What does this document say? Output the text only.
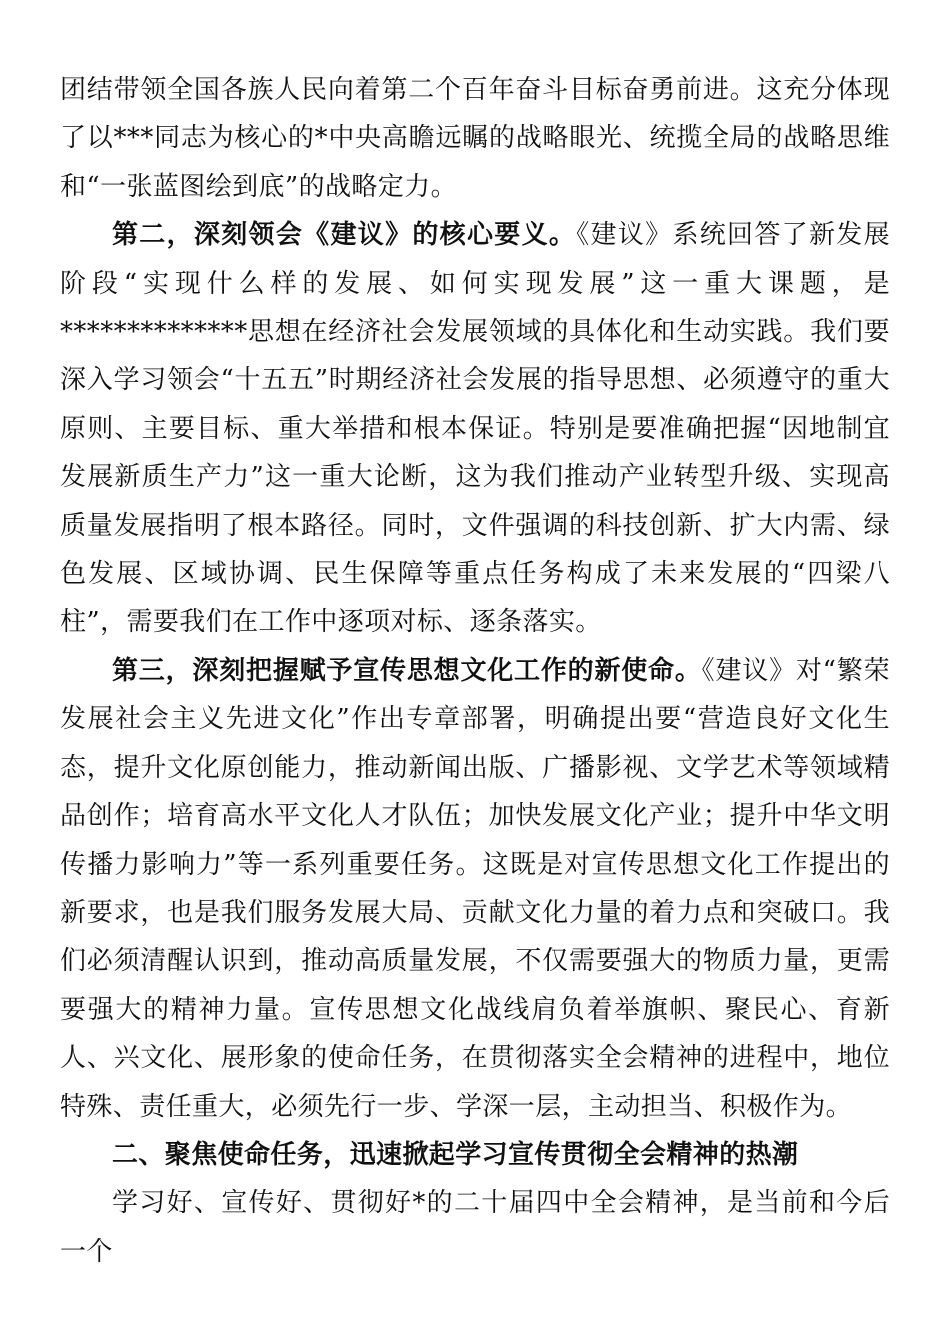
团结带领全国各族人民向着第二个百年奋斗目标奋勇前进。这充分体现了以***同志为核心的*中央高瞻远瞩的战略眼光、统揽全局的战略思维和“一张蓝图绘到底”的战略定力。

第二，深刻领会《建议》的核心要义。《建议》系统回答了新发展阶段“实现什么样的发展、如何实现发展”这一重大课题，是**************思想在经济社会发展领域的具体化和生动实践。我们要深入学习领会“十五五”时期经济社会发展的指导思想、必须遵守的重大原则、主要目标、重大举措和根本保证。特别是要准确把握“因地制宜发展新质生产力”这一重大论断，这为我们推动产业转型升级、实现高质量发展指明了根本路径。同时，文件强调的科技创新、扩大内需、绿色发展、区域协调、民生保障等重点任务构成了未来发展的“四梁八柱”，需要我们在工作中逐项对标、逐条落实。

第三，深刻把握赋予宣传思想文化工作的新使命。《建议》对“繁荣发展社会主义先进文化”作出专章部署，明确提出要“营造良好文化生态，提升文化原创能力，推动新闻出版、广播影视、文学艺术等领域精品创作；培育高水平文化人才队伍；加快发展文化产业；提升中华文明传播力影响力”等一系列重要任务。这既是对宣传思想文化工作提出的新要求，也是我们服务发展大局、贡献文化力量的着力点和突破口。我们必须清醒认识到，推动高质量发展，不仅需要强大的物质力量，更需要强大的精神力量。宣传思想文化战线肩负着举旗帜、聚民心、育新人、兴文化、展形象的使命任务，在贯彻落实全会精神的进程中，地位特殊、责任重大，必须先行一步、学深一层，主动担当、积极作为。

二、聚焦使命任务，迅速掀起学习宣传贯彻全会精神的热潮

学习好、宣传好、贯彻好*的二十届四中全会精神，是当前和今后一个
